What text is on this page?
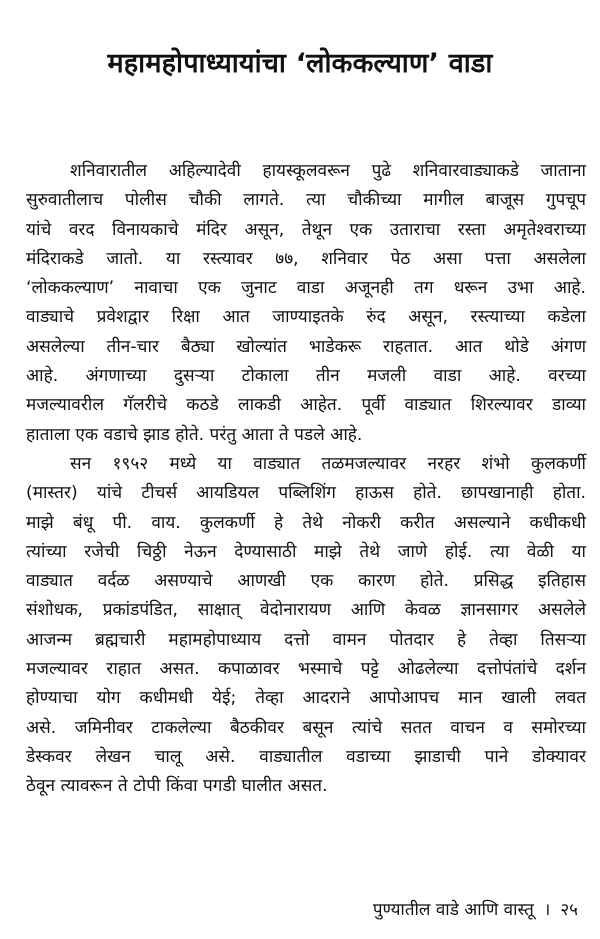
महामहोपाध्यायांचा ‘लोककल्याण’ वाडा
शनिवारातील अहिल्यादेवी हायस्कूलवरून पुढे शनिवारवाड्याकडे जाताना
सुरुवातीलाच पोलीस चौकी लागते. त्या चौकीच्या मागील बाजूस गुपचूप
यांचे वरद विनायकाचे मंदिर असून, तेथून एक उताराचा रस्ता अमृतेश्वराच्या
मंदिराकडे जातो. या रस्त्यावर ७७, शनिवार पेठ असा पत्ता असलेला
‘लोककल्याण’ नावाचा एक जुनाट वाडा अजूनही तग धरून उभा आहे.
वाड्याचे प्रवेशद्वार रिक्षा आत जाण्याइतके रुंद असून, रस्त्याच्या कडेला
असलेल्या तीन-चार बैठ्या खोल्यांत भाडेकरू राहतात. आत थोडे अंगण
आहे. अंगणाच्या दुसऱ्या टोकाला तीन मजली वाडा आहे. वरच्या
मजल्यावरील गॅलरीचे कठडे लाकडी आहेत. पूर्वी वाड्यात शिरल्यावर डाव्या
हाताला एक वडाचे झाड होते. परंतु आता ते पडले आहे.
सन १९५२ मध्ये या वाड्यात तळमजल्यावर नरहर शंभो कुलकर्णी
(मास्तर) यांचे टीचर्स आयडियल पब्लिशिंग हाऊस होते. छापखानाही होता.
माझे बंधू पी. वाय. कुलकर्णी हे तेथे नोकरी करीत असल्याने कधीकधी
त्यांच्या रजेची चिठ्ठी नेऊन देण्यासाठी माझे तेथे जाणे होई. त्या वेळी या
वाड्यात वर्दळ असण्याचे आणखी एक कारण होते. प्रसिद्ध इतिहास
संशोधक, प्रकांडपंडित, साक्षात् वेदोनारायण आणि केवळ ज्ञानसागर असलेले
आजन्म ब्रह्मचारी महामहोपाध्याय दत्तो वामन पोतदार हे तेव्हा तिसऱ्या
मजल्यावर राहात असत. कपाळावर भस्माचे पट्टे ओढलेल्या दत्तोपंतांचे दर्शन
होण्याचा योग कधीमधी येई; तेव्हा आदराने आपोआपच मान खाली लवत
असे. जमिनीवर टाकलेल्या बैठकीवर बसून त्यांचे सतत वाचन व समोरच्या
डेस्कवर लेखन चालू असे. वाड्यातील वडाच्या झाडाची पाने डोक्यावर
ठेवून त्यावरून ते टोपी किंवा पगडी घालीत असत.
पुण्यातील वाडे आणि वास्तू । २५
